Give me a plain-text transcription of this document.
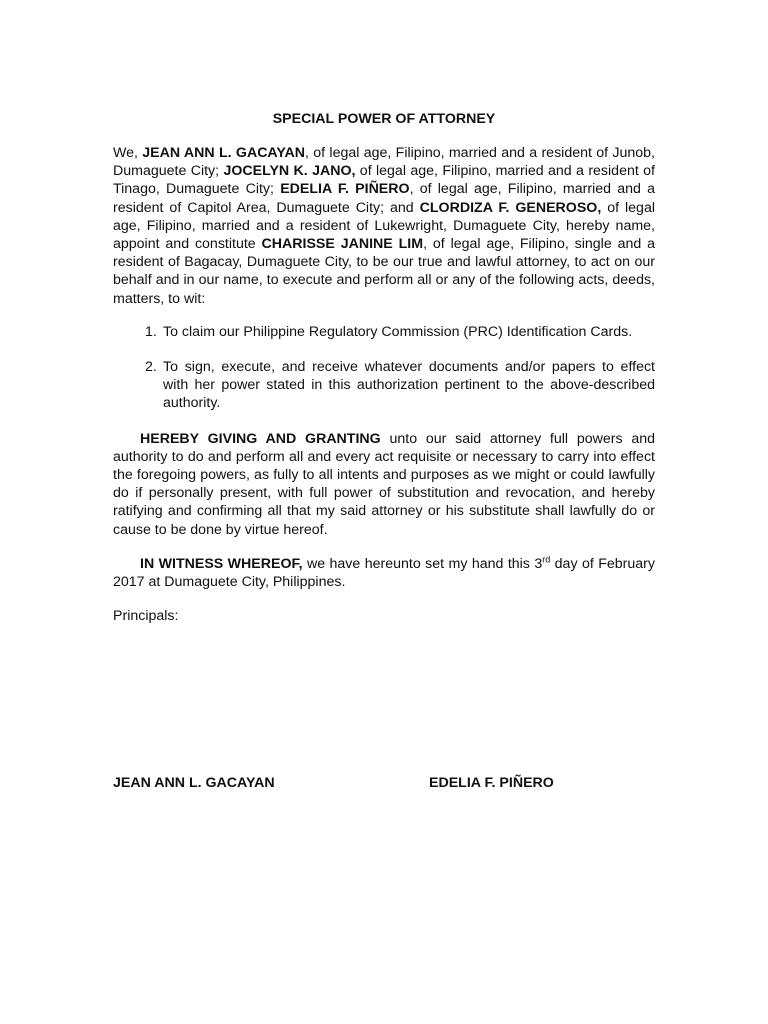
SPECIAL POWER OF ATTORNEY

We, JEAN ANN L. GACAYAN, of legal age, Filipino, married and a resident of Junob, Dumaguete City; JOCELYN K. JANO, of legal age, Filipino, married and a resident of Tinago, Dumaguete City; EDELIA F. PIÑERO, of legal age, Filipino, married and a resident of Capitol Area, Dumaguete City; and CLORDIZA F. GENEROSO, of legal age, Filipino, married and a resident of Lukewright, Dumaguete City, hereby name, appoint and constitute CHARISSE JANINE LIM, of legal age, Filipino, single and a resident of Bagacay, Dumaguete City, to be our true and lawful attorney, to act on our behalf and in our name, to execute and perform all or any of the following acts, deeds, matters, to wit:

1. To claim our Philippine Regulatory Commission (PRC) Identification Cards.
2. To sign, execute, and receive whatever documents and/or papers to effect with her power stated in this authorization pertinent to the above-described authority.

HEREBY GIVING AND GRANTING unto our said attorney full powers and authority to do and perform all and every act requisite or necessary to carry into effect the foregoing powers, as fully to all intents and purposes as we might or could lawfully do if personally present, with full power of substitution and revocation, and hereby ratifying and confirming all that my said attorney or his substitute shall lawfully do or cause to be done by virtue hereof.

IN WITNESS WHEREOF, we have hereunto set my hand this 3rd day of February 2017 at Dumaguete City, Philippines.

Principals:
JEAN ANN L. GACAYAN	EDELIA F. PIÑERO
